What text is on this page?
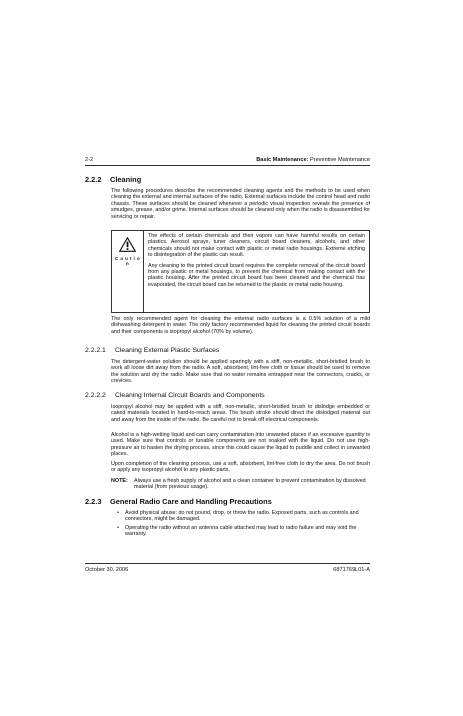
2-2	Basic Maintenance: Preventive Maintenance
2.2.2 Cleaning
The following procedures describe the recommended cleaning agents and the methods to be used when cleaning the external and internal surfaces of the radio. External surfaces include the control head and radio chassis. These surfaces should be cleaned whenever a periodic visual inspection reveals the presence of smudges, grease, and/or grime. Internal surfaces should be cleaned only when the radio is disassembled for servicing or repair.
C a u t i o n

The effects of certain chemicals and their vapors can have harmful results on certain plastics. Aerosol sprays, tuner cleaners, circuit board cleaners, alcohols, and other chemicals should not make contact with plastic or metal radio housings. Extreme etching to disintegration of the plastic can result.

Any cleaning to the printed circuit board requires the complete removal of the circuit board from any plastic or metal housings, to prevent the chemical from making contact with the plastic housing. After the printed circuit board has been cleaned and the chemical has evaporated, the circuit board can be returned to the plastic or metal radio housing.

The only recommended agent for cleaning the external radio surfaces is a 0.5% solution of a mild dishwashing detergent in water. The only factory recommended liquid for cleaning the printed circuit boards and their components is isopropyl alcohol (70% by volume).
2.2.2.1 Cleaning External Plastic Surfaces
The detergent-water solution should be applied sparingly with a stiff, non-metallic, short-bristled brush to work all loose dirt away from the radio. A soft, absorbent, lint-free cloth or tissue should be used to remove the solution and dry the radio. Make sure that no water remains entrapped near the connectors, cracks, or crevices.
2.2.2.2 Cleaning Internal Circuit Boards and Components
Isopropyl alcohol may be applied with a stiff, non-metallic, short-bristled brush to dislodge embedded or caked materials located in hard-to-reach areas. The brush stroke should direct the dislodged material out and away from the inside of the radio. Be careful not to break off electrical components.
Alcohol is a high-wetting liquid and can carry contamination into unwanted places if an excessive quantity is used. Make sure that controls or tunable components are not soaked with the liquid. Do not use high-pressure air to hasten the drying process, since this could cause the liquid to puddle and collect in unwanted places.
Upon completion of the cleaning process, use a soft, absorbent, lint-free cloth to dry the area. Do not brush or apply any isopropyl alcohol to any plastic parts.
NOTE: Always use a fresh supply of alcohol and a clean container to prevent contamination by dissolved material (from previous usage).
2.2.3 General Radio Care and Handling Precautions
• Avoid physical abuse: do not pound, drop, or throw the radio. Exposed parts, such as controls and connectors, might be damaged.
• Operating the radio without an antenna cable attached may lead to radio failure and may void the warranty.
October 30, 2006	6871769L01-A
